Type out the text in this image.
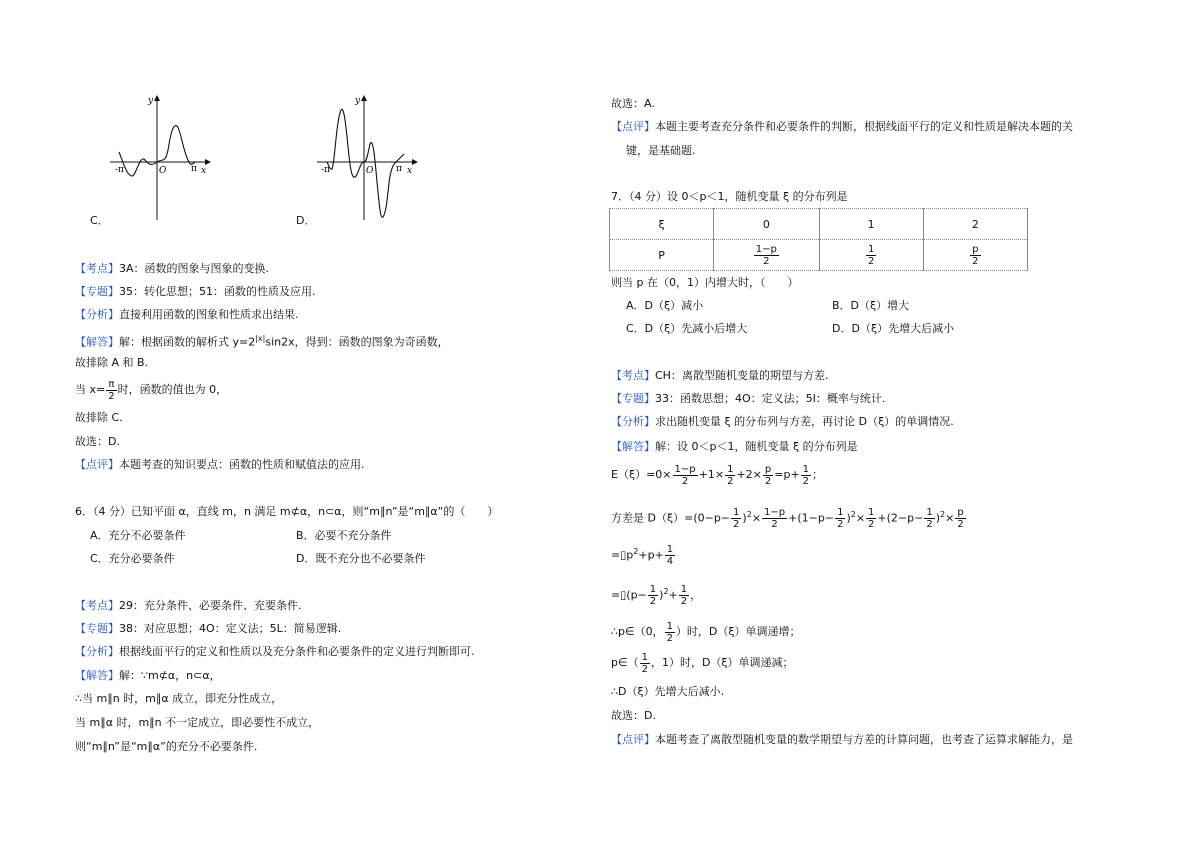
-π	O	π x
y
C．
-π	O	π x
y
D．
【考点】3A：函数的图象与图象的变换.
【专题】35：转化思想；51：函数的性质及应用.
【分析】直接利用函数的图象和性质求出结果.
【解答】解：根据函数的解析式 $y=2^{|x|}\sin 2x$，得到：函数的图象为奇函数，
故排除 A 和 B.
当 $x= \frac{\pi}{2}$ 时，函数的值也为 0，
故排除 C.
故选：D.
【点评】本题考查的知识要点：函数的性质和赋值法的应用.
6．（4 分）已知平面 α，直线 m，n 满足 m⊄α，n⊂α，则“m∥n”是“m∥α”的（　　）
A．充分不必要条件	B．必要不充分条件
C．充分必要条件	D．既不充分也不必要条件
【考点】29：充分条件、必要条件、充要条件.
【专题】38：对应思想；4O：定义法；5L：简易逻辑.
【分析】根据线面平行的定义和性质以及充分条件和必要条件的定义进行判断即可.
【解答】解：∵m⊄α，n⊂α，
∴当 m∥n 时，m∥α 成立，即充分性成立，
当 m∥α 时，m∥n 不一定成立，即必要性不成立，
则“m∥n”是“m∥α”的充分不必要条件.
故选：A.
【点评】本题主要考查充分条件和必要条件的判断，根据线面平行的定义和性质是解决本题的关
键，是基础题.
7．（4 分）设 0＜p＜1，随机变量 ξ 的分布列是
ξ	0	1	2
P	$\frac{1-p}{2}$	$\frac{1}{2}$	$\frac{p}{2}$
则当 p 在（0，1）内增大时，（　　）
A．D（ξ）减小	B．D（ξ）增大
C．D（ξ）先减小后增大	D．D（ξ）先增大后减小
【考点】CH：离散型随机变量的期望与方差.
【专题】33：函数思想；4O：定义法；5I：概率与统计.
【分析】求出随机变量 ξ 的分布列与方差，再讨论 D（ξ）的单调情况.
【解答】解：设 0＜p＜1，随机变量 ξ 的分布列是
$E(\xi)=0\times \frac{1-p}{2} +1\times \frac{1}{2} +2\times \frac{p}{2} =p+ \frac{1}{2}$ ；
方差是 $D(\xi)=(0-p- \frac{1}{2} )^2\times \frac{1-p}{2} +(1-p- \frac{1}{2} )^2\times \frac{1}{2} +(2-p- \frac{1}{2} )^2\times \frac{p}{2}$
$=▯p^2+p+ \frac{1}{4}$
=▯(p− $\frac{1}{2} )^2+ \frac{1}{2}$ ，
∴p∈（0， $\frac{1}{2}$ ）时，D（ξ）单调递增；
p∈（ $\frac{1}{2}$ ，1）时，D（ξ）单调递减；
∴D（ξ）先增大后减小.
故选：D.
【点评】本题考查了离散型随机变量的数学期望与方差的计算问题，也考查了运算求解能力，是
